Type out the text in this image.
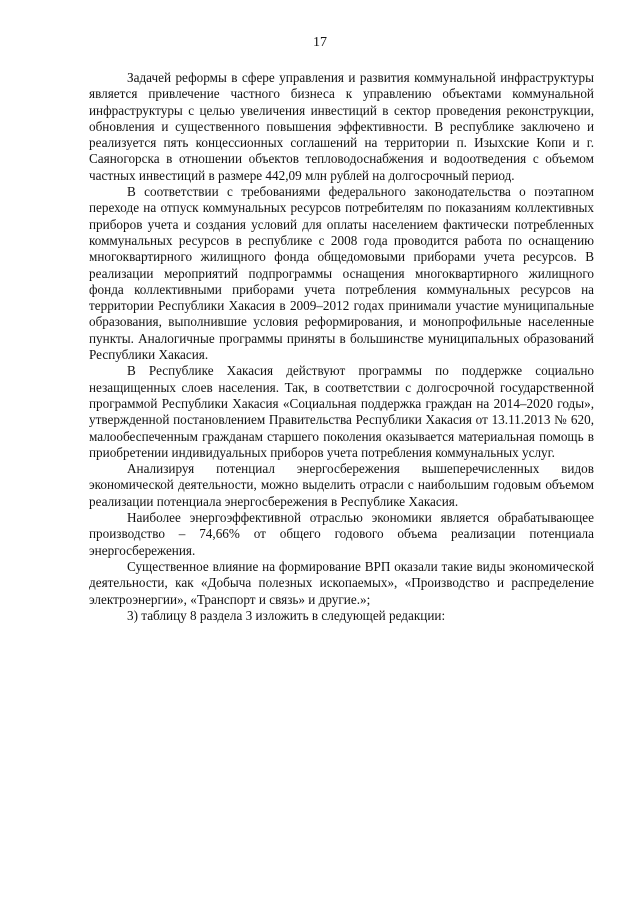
17

Задачей реформы в сфере управления и развития коммунальной инфраструктуры является привлечение частного бизнеса к управлению объектами коммунальной инфраструктуры с целью увеличения инвестиций в сектор проведения реконструкции, обновления и существенного повышения эффективности. В республике заключено и реализуется пять концессионных соглашений на территории п. Изыхские Копи и г. Саяногорска в отношении объектов тепловодоснабжения и водоотведения с объемом частных инвестиций в размере 442,09 млн рублей на долгосрочный период.

В соответствии с требованиями федерального законодательства о поэтапном переходе на отпуск коммунальных ресурсов потребителям по показаниям коллективных приборов учета и создания условий для оплаты населением фактически потребленных коммунальных ресурсов в республике с 2008 года проводится работа по оснащению многоквартирного жилищного фонда общедомовыми приборами учета ресурсов. В реализации мероприятий подпрограммы оснащения многоквартирного жилищного фонда коллективными приборами учета потребления коммунальных ресурсов на территории Республики Хакасия в 2009–2012 годах принимали участие муниципальные образования, выполнившие условия реформирования, и монопрофильные населенные пункты. Аналогичные программы приняты в большинстве муниципальных образований Республики Хакасия.

В Республике Хакасия действуют программы по поддержке социально незащищенных слоев населения. Так, в соответствии с долгосрочной государственной программой Республики Хакасия «Социальная поддержка граждан на 2014–2020 годы», утвержденной постановлением Правительства Республики Хакасия от 13.11.2013 № 620, малообеспеченным гражданам старшего поколения оказывается материальная помощь в приобретении индивидуальных приборов учета потребления коммунальных услуг.

Анализируя потенциал энергосбережения вышеперечисленных видов экономической деятельности, можно выделить отрасли с наибольшим годовым объемом реализации потенциала энергосбережения в Республике Хакасия.

Наиболее энергоэффективной отраслью экономики является обрабатывающее производство – 74,66% от общего годового объема реализации потенциала энергосбережения.

Существенное влияние на формирование ВРП оказали такие виды экономической деятельности, как «Добыча полезных ископаемых», «Производство и распределение электроэнергии», «Транспорт и связь» и другие.»;

3) таблицу 8 раздела 3 изложить в следующей редакции:
